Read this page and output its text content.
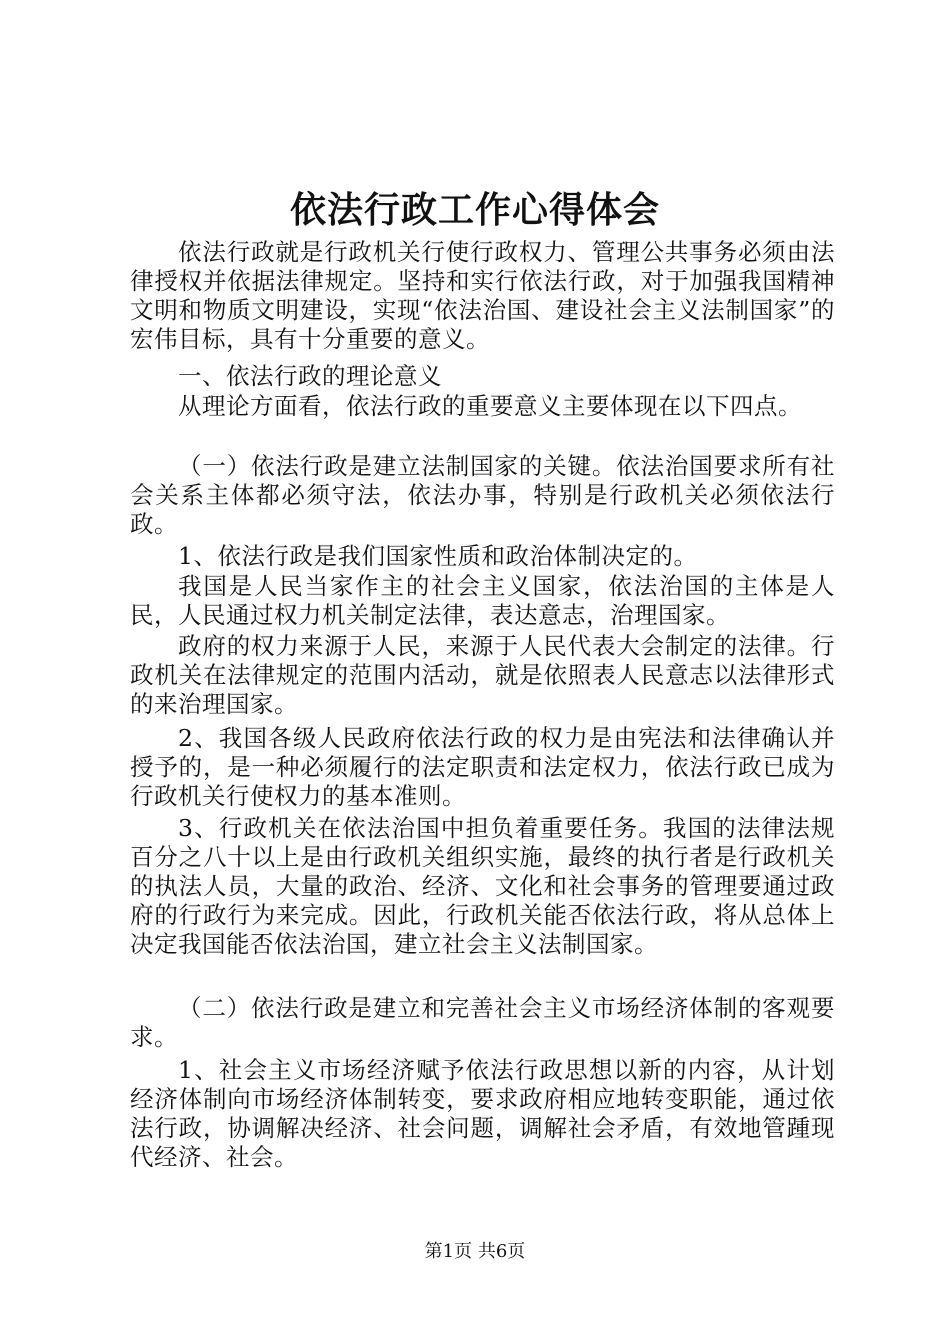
依法行政工作心得体会

依法行政就是行政机关行使行政权力、管理公共事务必须由法律授权并依据法律规定。坚持和实行依法行政，对于加强我国精神文明和物质文明建设，实现“依法治国、建设社会主义法制国家”的宏伟目标，具有十分重要的意义。

一、依法行政的理论意义

从理论方面看，依法行政的重要意义主要体现在以下四点。

（一）依法行政是建立法制国家的关键。依法治国要求所有社会关系主体都必须守法，依法办事，特别是行政机关必须依法行政。

1、依法行政是我们国家性质和政治体制决定的。

我国是人民当家作主的社会主义国家，依法治国的主体是人民，人民通过权力机关制定法律，表达意志，治理国家。

政府的权力来源于人民，来源于人民代表大会制定的法律。行政机关在法律规定的范围内活动，就是依照表人民意志以法律形式的来治理国家。

2、我国各级人民政府依法行政的权力是由宪法和法律确认并授予的，是一种必须履行的法定职责和法定权力，依法行政已成为行政机关行使权力的基本准则。

3、行政机关在依法治国中担负着重要任务。我国的法律法规百分之八十以上是由行政机关组织实施，最终的执行者是行政机关的执法人员，大量的政治、经济、文化和社会事务的管理要通过政府的行政行为来完成。因此，行政机关能否依法行政，将从总体上决定我国能否依法治国，建立社会主义法制国家。

（二）依法行政是建立和完善社会主义市场经济体制的客观要求。

1、社会主义市场经济赋予依法行政思想以新的内容，从计划经济体制向市场经济体制转变，要求政府相应地转变职能，通过依法行政，协调解决经济、社会问题，调解社会矛盾，有效地管踵现代经济、社会。

第1页 共6页
